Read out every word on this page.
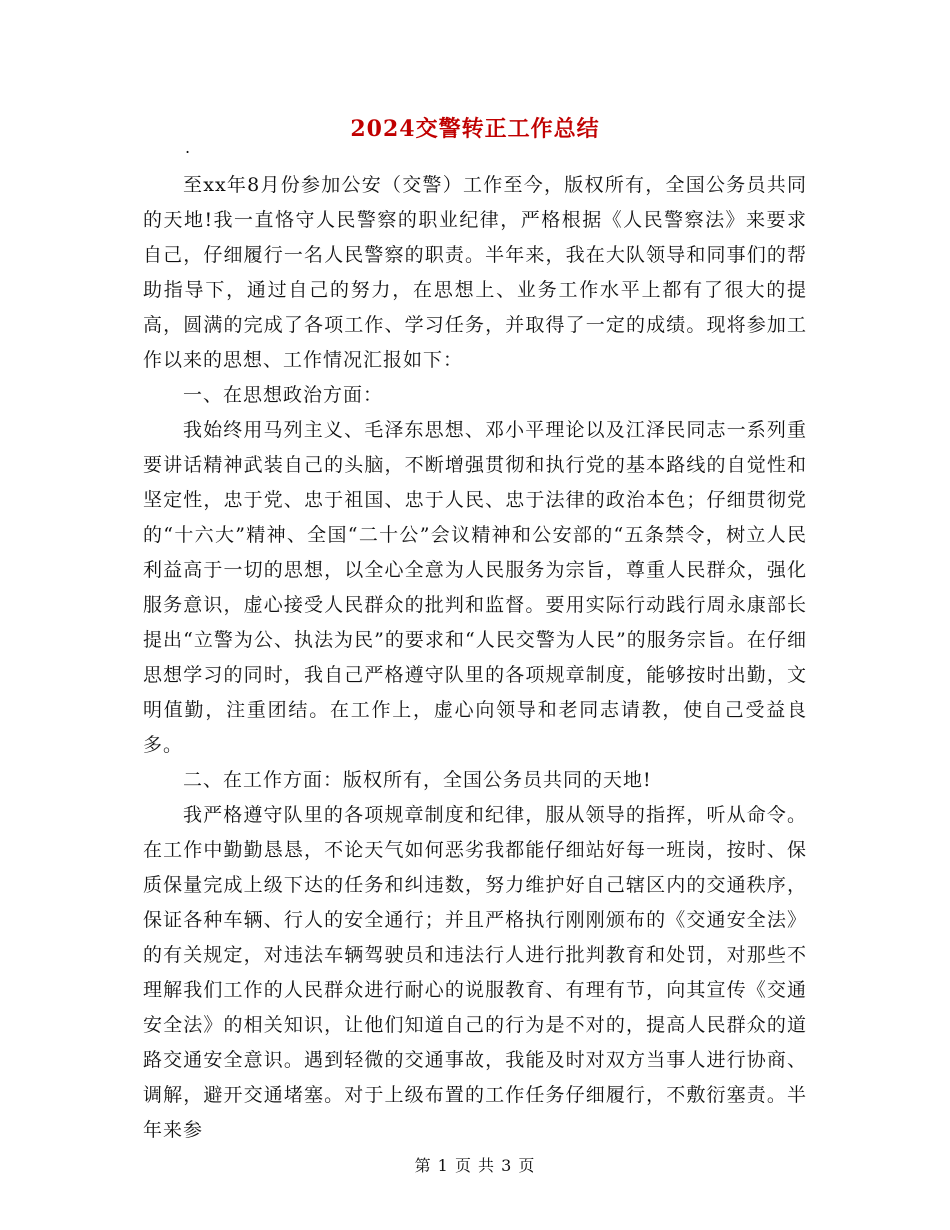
2024交警转正工作总结
.

至xx年8月份参加公安（交警）工作至今，版权所有，全国公务员共同的天地!我一直恪守人民警察的职业纪律，严格根据《人民警察法》来要求自己，仔细履行一名人民警察的职责。半年来，我在大队领导和同事们的帮助指导下，通过自己的努力，在思想上、业务工作水平上都有了很大的提高，圆满的完成了各项工作、学习任务，并取得了一定的成绩。现将参加工作以来的思想、工作情况汇报如下：

一、在思想政治方面：

我始终用马列主义、毛泽东思想、邓小平理论以及江泽民同志一系列重要讲话精神武装自己的头脑，不断增强贯彻和执行党的基本路线的自觉性和坚定性，忠于党、忠于祖国、忠于人民、忠于法律的政治本色；仔细贯彻党的“十六大”精神、全国“二十公”会议精神和公安部的“五条禁令，树立人民利益高于一切的思想，以全心全意为人民服务为宗旨，尊重人民群众，强化服务意识，虚心接受人民群众的批判和监督。要用实际行动践行周永康部长提出“立警为公、执法为民”的要求和“人民交警为人民”的服务宗旨。在仔细思想学习的同时，我自己严格遵守队里的各项规章制度，能够按时出勤，文明值勤，注重团结。在工作上，虚心向领导和老同志请教，使自己受益良多。

二、在工作方面：版权所有，全国公务员共同的天地!

我严格遵守队里的各项规章制度和纪律，服从领导的指挥，听从命令。在工作中勤勤恳恳，不论天气如何恶劣我都能仔细站好每一班岗，按时、保质保量完成上级下达的任务和纠违数，努力维护好自己辖区内的交通秩序，保证各种车辆、行人的安全通行；并且严格执行刚刚颁布的《交通安全法》的有关规定，对违法车辆驾驶员和违法行人进行批判教育和处罚，对那些不理解我们工作的人民群众进行耐心的说服教育、有理有节，向其宣传《交通安全法》的相关知识，让他们知道自己的行为是不对的，提高人民群众的道路交通安全意识。遇到轻微的交通事故，我能及时对双方当事人进行协商、调解，避开交通堵塞。对于上级布置的工作任务仔细履行，不敷衍塞责。半年来参

第 1 页 共 3 页
